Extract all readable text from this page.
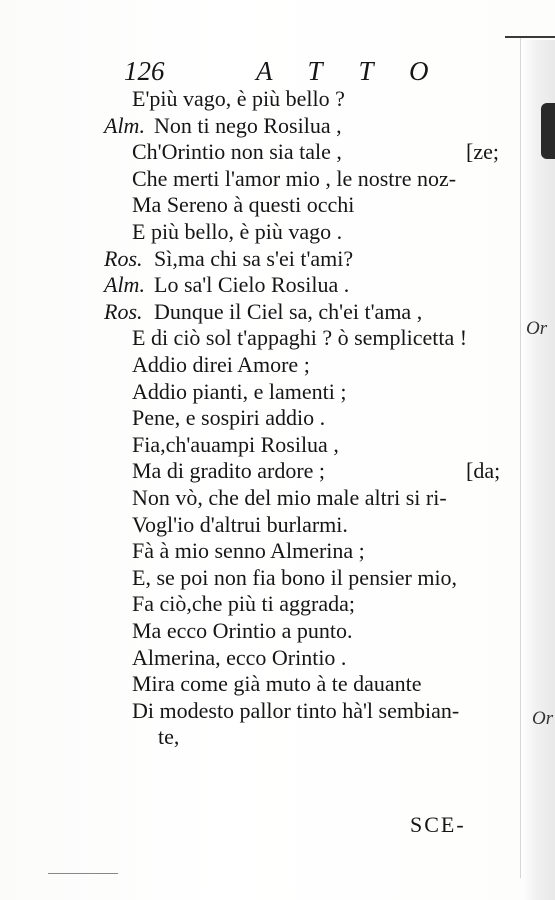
Or
Or
126	ATTO
E'più vago, è più bello ?
Alm. Non ti nego Rosilua ,
Ch'Orintio non sia tale ,	[ze;
Che merti l'amor mio , le nostre noz-
Ma Sereno à questi occhi
E più bello, è più vago .
Ros. Sì,ma chi sa s'ei t'ami?
Alm. Lo sa'l Cielo Rosilua .
Ros. Dunque il Ciel sa, ch'ei t'ama ,
E di ciò sol t'appaghi ? ò semplicetta !
Addio direi Amore ;
Addio pianti, e lamenti ;
Pene, e sospiri addio .
Fia,ch'auampi Rosilua ,
Ma di gradito ardore ;	[da;
Non vò, che del mio male altri si ri-
Vogl'io d'altrui burlarmi.
Fà à mio senno Almerina ;
E, se poi non fia bono il pensier mio,
Fa ciò,che più ti aggrada;
Ma ecco Orintio a punto.
Almerina, ecco Orintio .
Mira come già muto à te dauante
Di modesto pallor tinto hà'l sembian-
te,
SCE-
